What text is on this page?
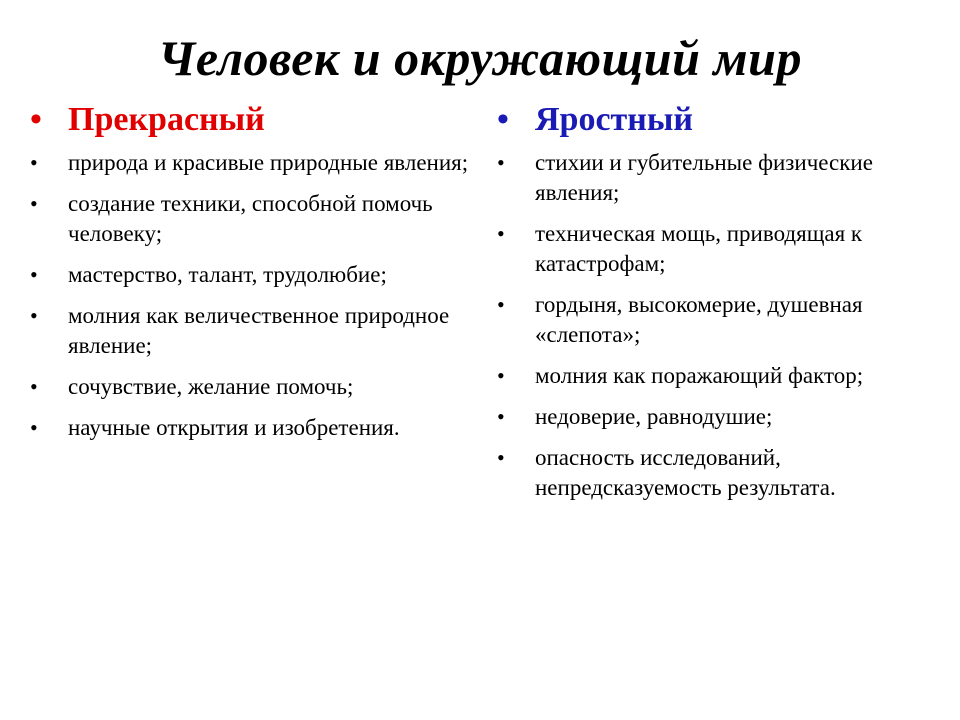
Человек и окружающий мир
• Прекрасный
•	природа и красивые природные явления;
•	создание техники, способной помочь человеку;
•	мастерство, талант, трудолюбие;
•	молния как величественное природное явление;
•	сочувствие, желание помочь;
•	научные открытия и изобретения.
• Яростный
•	стихии и губительные физические явления;
•	техническая мощь, приводящая к катастрофам;
•	гордыня, высокомерие, душевная «слепота»;
•	молния как поражающий фактор;
•	недоверие, равнодушие;
•	опасность исследований, непредсказуемость результата.
